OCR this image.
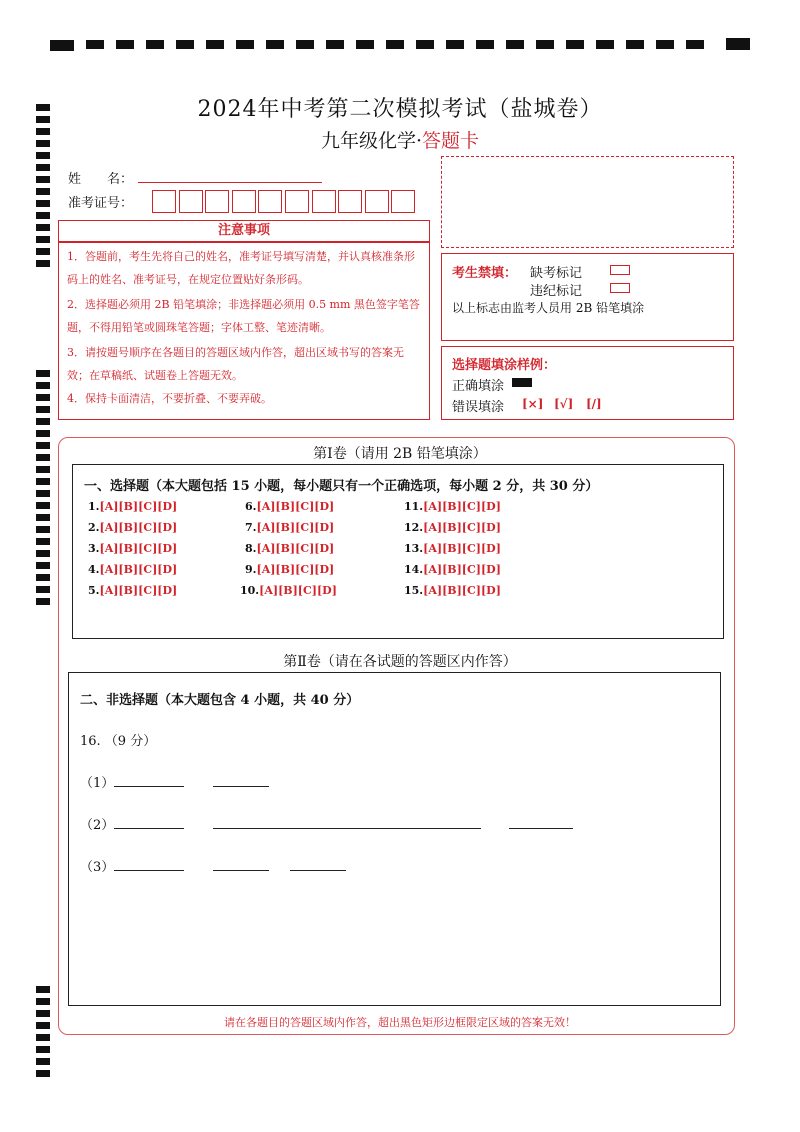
2024年中考第二次模拟考试（盐城卷）
九年级化学·答题卡
姓　　名：
准考证号：
注意事项
1．答题前，考生先将自己的姓名，准考证号填写清楚，并认真核准条形码上的姓名、准考证号，在规定位置贴好条形码。
2．选择题必须用 2B 铅笔填涂；非选择题必须用 0.5 mm 黑色签字笔答题，不得用铅笔或圆珠笔答题；字体工整、笔迹清晰。
3．请按题号顺序在各题目的答题区域内作答，超出区域书写的答案无效；在草稿纸、试题卷上答题无效。
4．保持卡面清洁，不要折叠、不要弄破。
考生禁填： 缺考标记
违纪标记
以上标志由监考人员用 2B 铅笔填涂
选择题填涂样例：
正确填涂
错误填涂 [×] [√] [/]
第Ⅰ卷（请用 2B 铅笔填涂）
一、选择题（本大题包括 15 小题，每小题只有一个正确选项，每小题 2 分，共 30 分）
1.[A][B][C][D]
2.[A][B][C][D]
3.[A][B][C][D]
4.[A][B][C][D]
5.[A][B][C][D]
6.[A][B][C][D]
7.[A][B][C][D]
8.[A][B][C][D]
9.[A][B][C][D]
10.[A][B][C][D]
11.[A][B][C][D]
12.[A][B][C][D]
13.[A][B][C][D]
14.[A][B][C][D]
15.[A][B][C][D]
第Ⅱ卷（请在各试题的答题区内作答）
二、非选择题（本大题包含 4 小题，共 40 分）
16. （9 分）
（1）
（2）
（3）
请在各题目的答题区域内作答，超出黑色矩形边框限定区域的答案无效！
